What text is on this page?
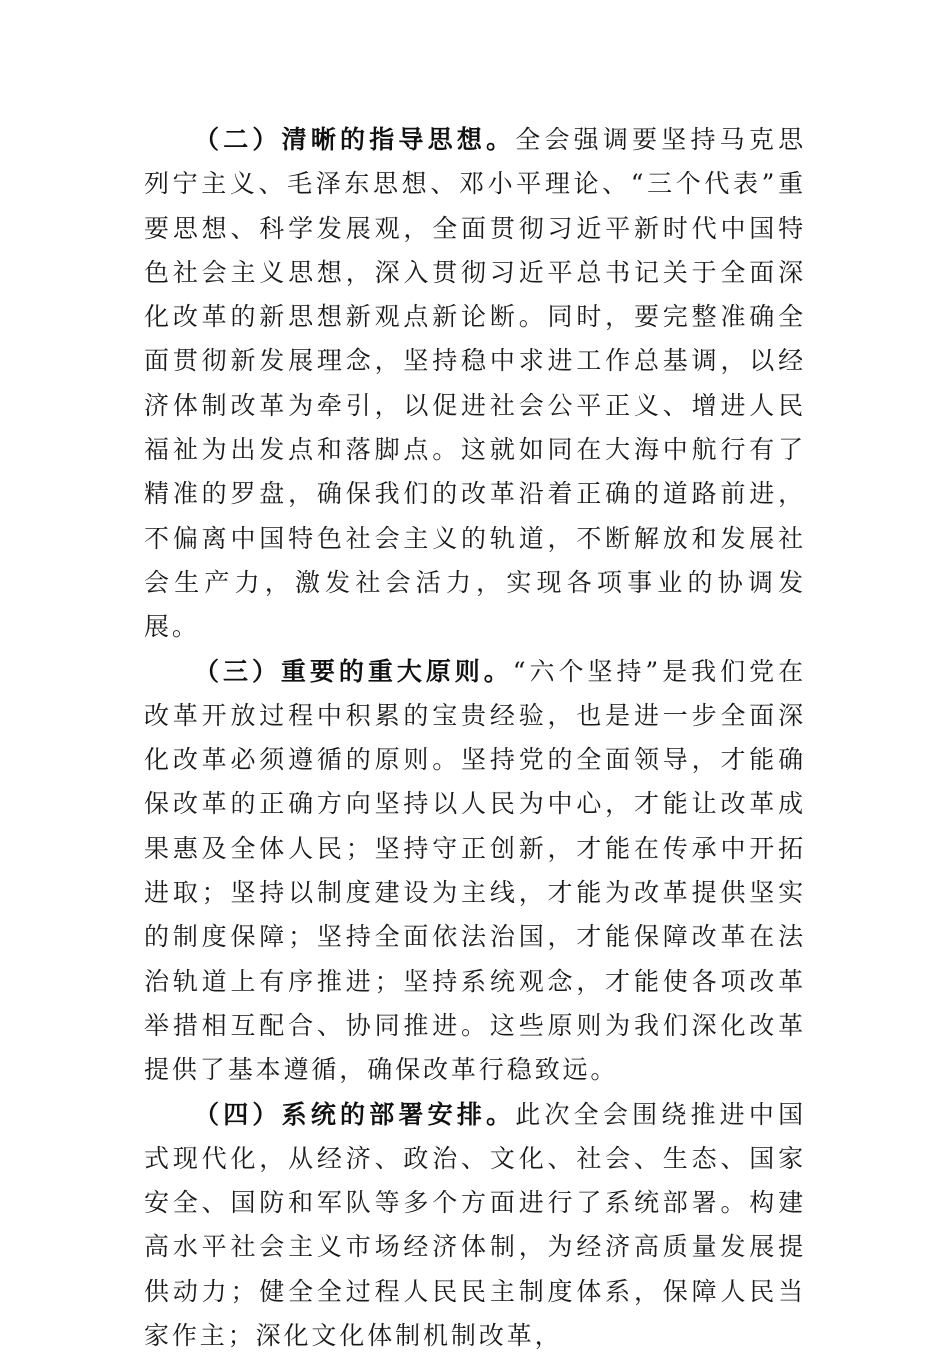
（二）清晰的指导思想。全会强调要坚持马克思列宁主义、毛泽东思想、邓小平理论、“三个代表”重要思想、科学发展观，全面贯彻习近平新时代中国特色社会主义思想，深入贯彻习近平总书记关于全面深化改革的新思想新观点新论断。同时，要完整准确全面贯彻新发展理念，坚持稳中求进工作总基调，以经济体制改革为牵引，以促进社会公平正义、增进人民福祉为出发点和落脚点。这就如同在大海中航行有了精准的罗盘，确保我们的改革沿着正确的道路前进，不偏离中国特色社会主义的轨道，不断解放和发展社会生产力，激发社会活力，实现各项事业的协调发展。

（三）重要的重大原则。“六个坚持”是我们党在改革开放过程中积累的宝贵经验，也是进一步全面深化改革必须遵循的原则。坚持党的全面领导，才能确保改革的正确方向坚持以人民为中心，才能让改革成果惠及全体人民；坚持守正创新，才能在传承中开拓进取；坚持以制度建设为主线，才能为改革提供坚实的制度保障；坚持全面依法治国，才能保障改革在法治轨道上有序推进；坚持系统观念，才能使各项改革举措相互配合、协同推进。这些原则为我们深化改革提供了基本遵循，确保改革行稳致远。

（四）系统的部署安排。此次全会围绕推进中国式现代化，从经济、政治、文化、社会、生态、国家安全、国防和军队等多个方面进行了系统部署。构建高水平社会主义市场经济体制，为经济高质量发展提供动力；健全全过程人民民主制度体系，保障人民当家作主；深化文化体制机制改革，
